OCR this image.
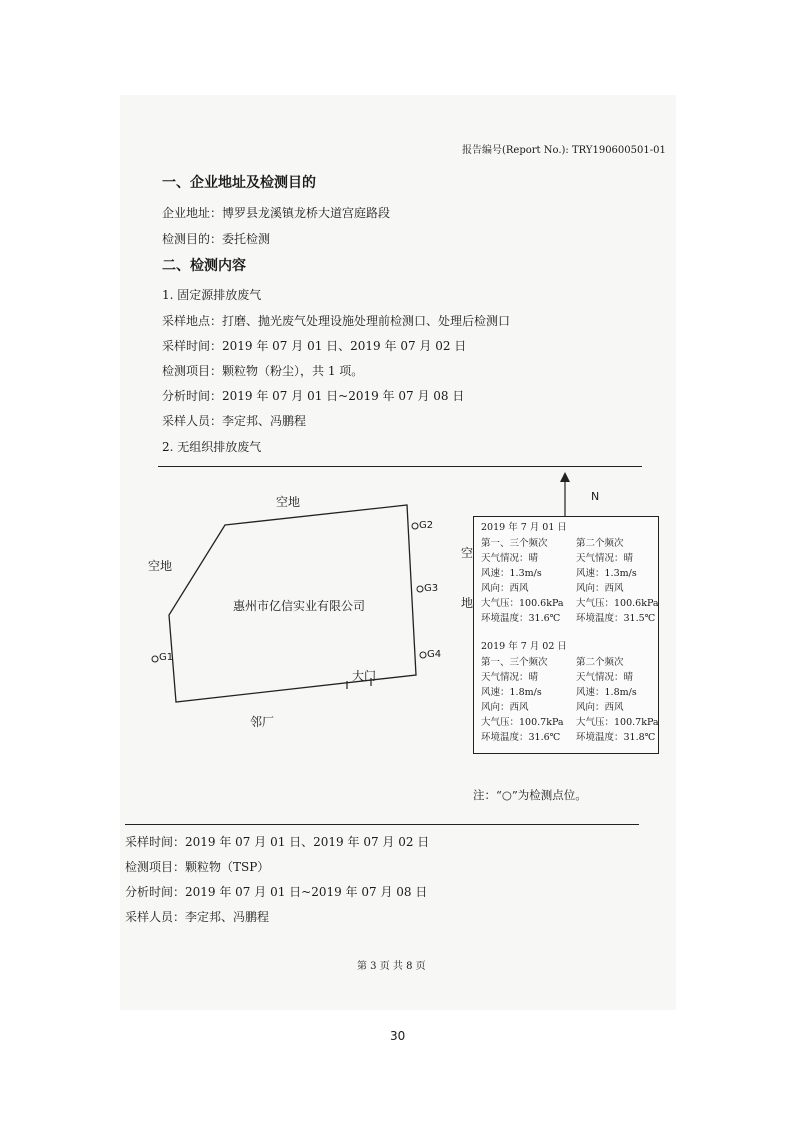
报告编号(Report No.): TRY190600501-01
一、企业地址及检测目的
企业地址：博罗县龙溪镇龙桥大道宫庭路段
检测目的：委托检测
二、检测内容
1. 固定源排放废气
采样地点：打磨、抛光废气处理设施处理前检测口、处理后检测口
采样时间：2019 年 07 月 01 日、2019 年 07 月 02 日
检测项目：颗粒物（粉尘），共 1 项。
分析时间：2019 年 07 月 01 日~2019 年 07 月 08 日
采样人员：李定邦、冯鹏程
2. 无组织排放废气
N
空地
空地
空
地
邻厂
惠州市亿信实业有限公司
大门
G1
G2
G3
G4
2019 年 7 月 01 日
第一、三个频次
天气情况：晴
风速：1.3m/s
风向：西风
大气压：100.6kPa
环境温度：31.6℃
第二个频次
天气情况：晴
风速：1.3m/s
风向：西风
大气压：100.6kPa
环境温度：31.5℃
2019 年 7 月 02 日
第一、三个频次
天气情况：晴
风速：1.8m/s
风向：西风
大气压：100.7kPa
环境温度：31.6℃
第二个频次
天气情况：晴
风速：1.8m/s
风向：西风
大气压：100.7kPa
环境温度：31.8℃
注：“○”为检测点位。
采样时间：2019 年 07 月 01 日、2019 年 07 月 02 日
检测项目：颗粒物（TSP）
分析时间：2019 年 07 月 01 日~2019 年 07 月 08 日
采样人员：李定邦、冯鹏程
第 3 页 共 8 页
30
